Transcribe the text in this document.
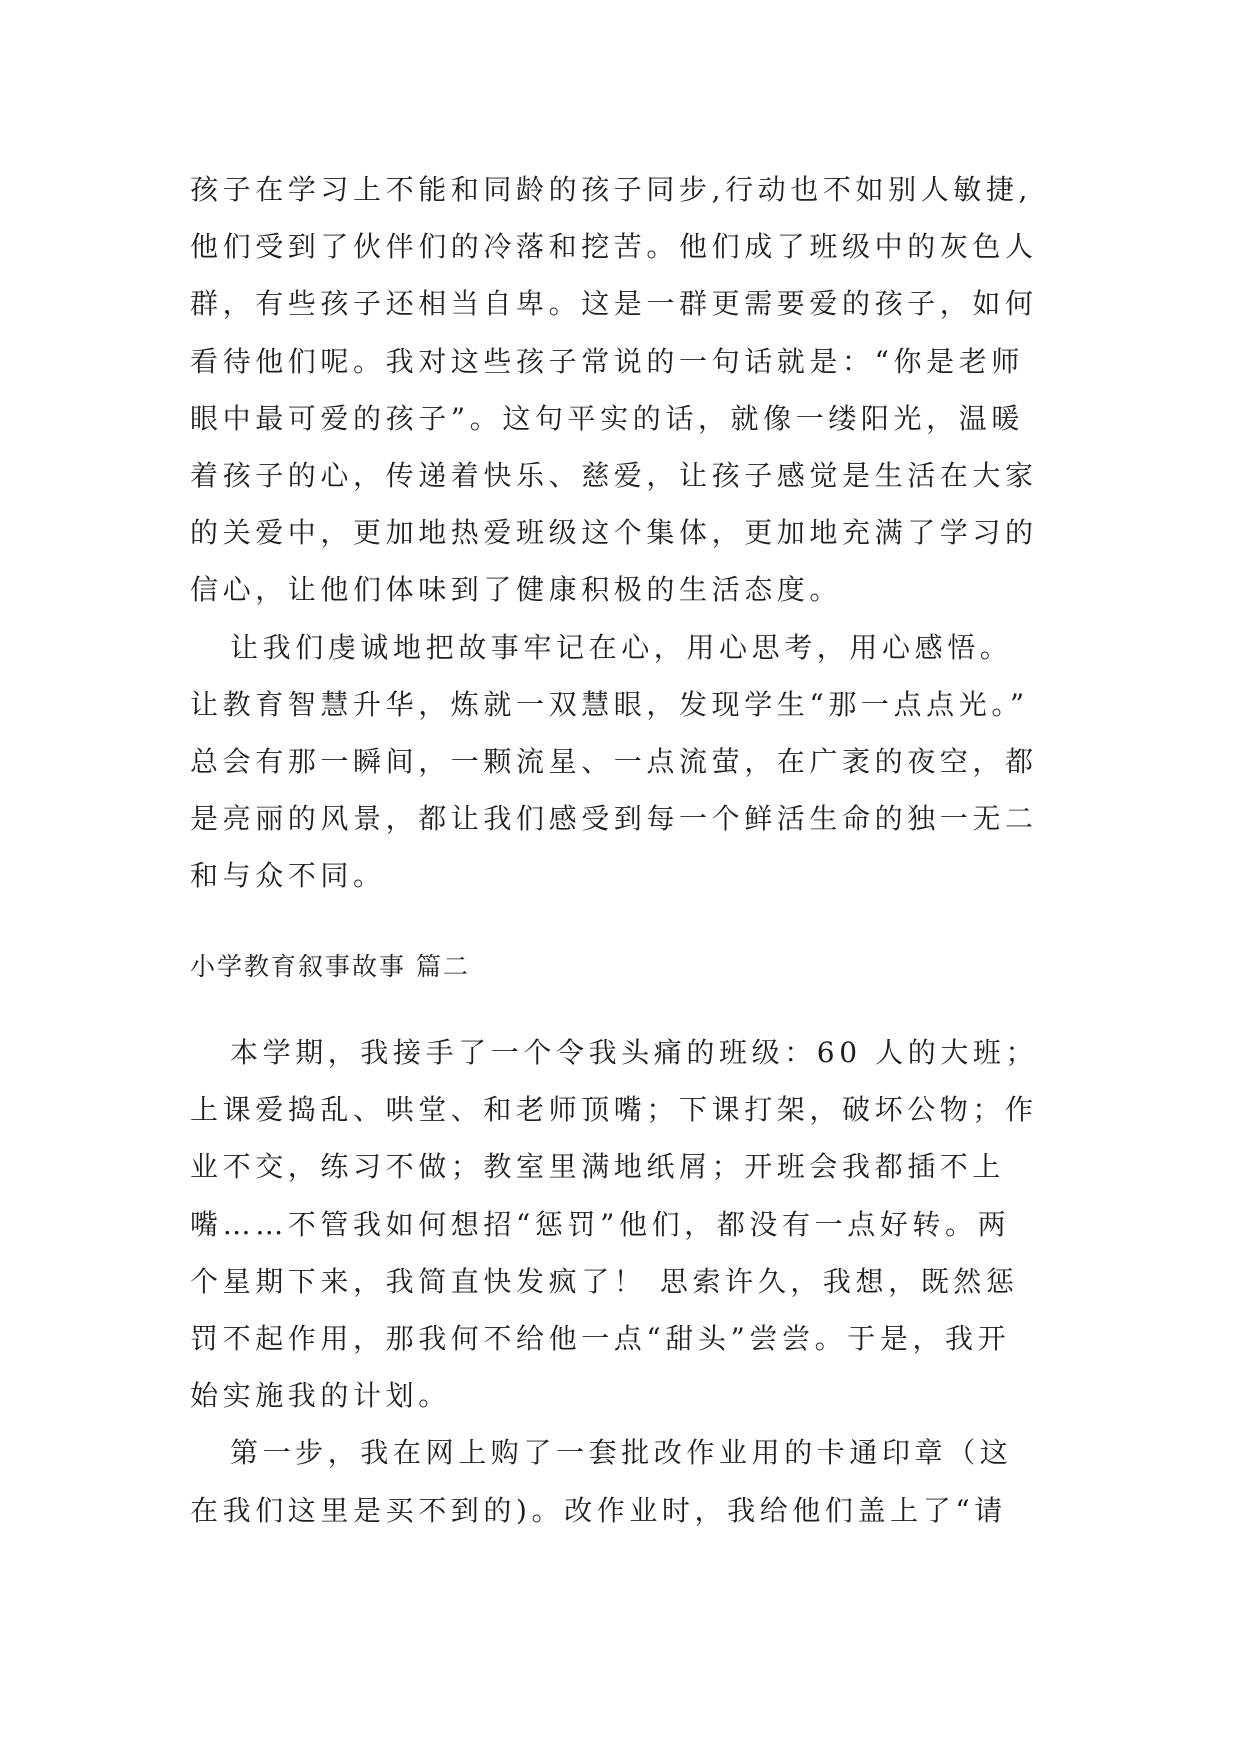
孩子在学习上不能和同龄的孩子同步,行动也不如别人敏捷,
他们受到了伙伴们的冷落和挖苦。他们成了班级中的灰色人
群，有些孩子还相当自卑。这是一群更需要爱的孩子，如何
看待他们呢。我对这些孩子常说的一句话就是：“你是老师
眼中最可爱的孩子”。这句平实的话，就像一缕阳光，温暖
着孩子的心，传递着快乐、慈爱，让孩子感觉是生活在大家
的关爱中，更加地热爱班级这个集体，更加地充满了学习的
信心，让他们体味到了健康积极的生活态度。
让我们虔诚地把故事牢记在心，用心思考，用心感悟。
让教育智慧升华，炼就一双慧眼，发现学生“那一点点光。”
总会有那一瞬间，一颗流星、一点流萤，在广袤的夜空，都
是亮丽的风景，都让我们感受到每一个鲜活生命的独一无二
和与众不同。
小学教育叙事故事 篇二
本学期，我接手了一个令我头痛的班级：60 人的大班；
上课爱捣乱、哄堂、和老师顶嘴；下课打架，破坏公物；作
业不交，练习不做；教室里满地纸屑；开班会我都插不上
嘴……不管我如何想招“惩罚”他们，都没有一点好转。两
个星期下来，我简直快发疯了！ 思索许久，我想，既然惩
罚不起作用，那我何不给他一点“甜头”尝尝。于是，我开
始实施我的计划。
第一步，我在网上购了一套批改作业用的卡通印章（这
在我们这里是买不到的)。改作业时，我给他们盖上了“请
